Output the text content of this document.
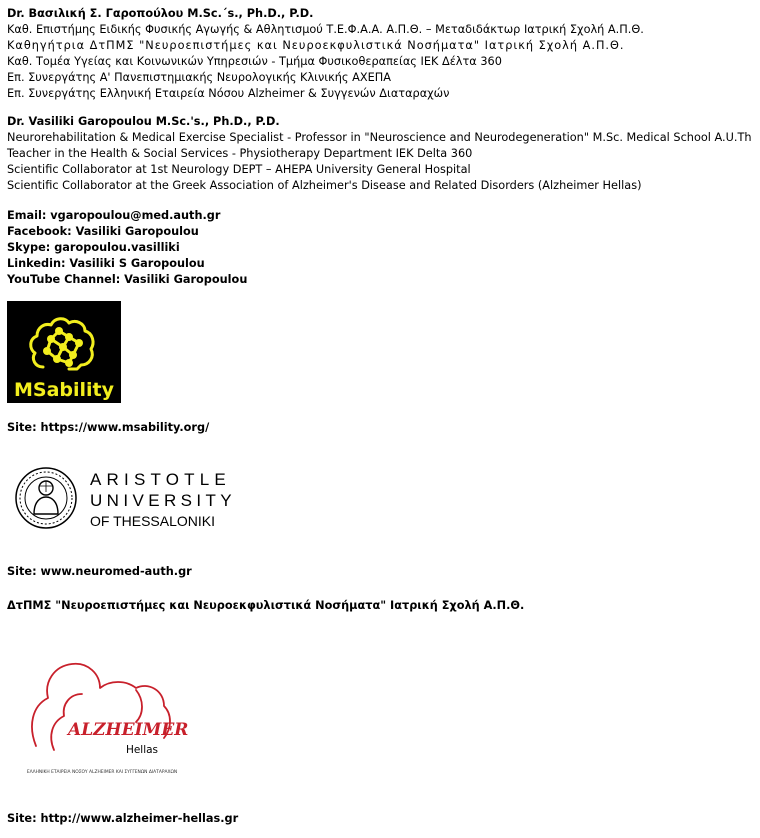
Dr. Βασιλική Σ. Γαροπούλου M.Sc.´s., Ph.D., P.D.
Καθ. Επιστήμης Ειδικής Φυσικής Αγωγής & Αθλητισμού Τ.Ε.Φ.Α.Α. Α.Π.Θ. – Μεταδιδάκτωρ Ιατρική Σχολή Α.Π.Θ.
Καθηγήτρια ΔτΠΜΣ "Νευροεπιστήμες και Νευροεκφυλιστικά Νοσήματα" Ιατρική Σχολή Α.Π.Θ.
Καθ. Τομέα Υγείας και Κοινωνικών Υπηρεσιών - Τμήμα Φυσικοθεραπείας ΙΕΚ Δέλτα 360
Επ. Συνεργάτης Α' Πανεπιστημιακής Νευρολογικής Κλινικής ΑΧΕΠΑ
Επ. Συνεργάτης Ελληνική Εταιρεία Νόσου Alzheimer & Συγγενών Διαταραχών
Dr. Vasiliki Garopoulou M.Sc.'s., Ph.D., P.D.
Neurorehabilitation & Medical Exercise Specialist - Professor in "Neuroscience and Neurodegeneration" M.Sc. Medical School A.U.Th
Teacher in the Health & Social Services - Physiotherapy Department IEK Delta 360
Scientific Collaborator at 1st Neurology DEPT – AHEPA University General Hospital
Scientific Collaborator at the Greek Association of Alzheimer's Disease and Related Disorders (Alzheimer Hellas)
Email: vgaropoulou@med.auth.gr
Facebook: Vasiliki Garopoulou
Skype: garopoulou.vasilliki
Linkedin: Vasiliki S Garopoulou
YouTube Channel: Vasiliki Garopoulou
MSability
Site: https://www.msability.org/
ARISTOTLE
UNIVERSITY
OF THESSALONIKI
Site: www.neuromed-auth.gr
ΔτΠΜΣ "Νευροεπιστήμες και Νευροεκφυλιστικά Νοσήματα" Ιατρική Σχολή Α.Π.Θ.
ALZHEIMER
Hellas
ΕΛΛΗΝΙΚΗ ΕΤΑΙΡΕΙΑ ΝΟΣΟΥ ALZHEIMER ΚΑΙ ΣΥΓΓΕΝΩΝ ΔΙΑΤΑΡΑΧΩΝ
Site: http://www.alzheimer-hellas.gr
